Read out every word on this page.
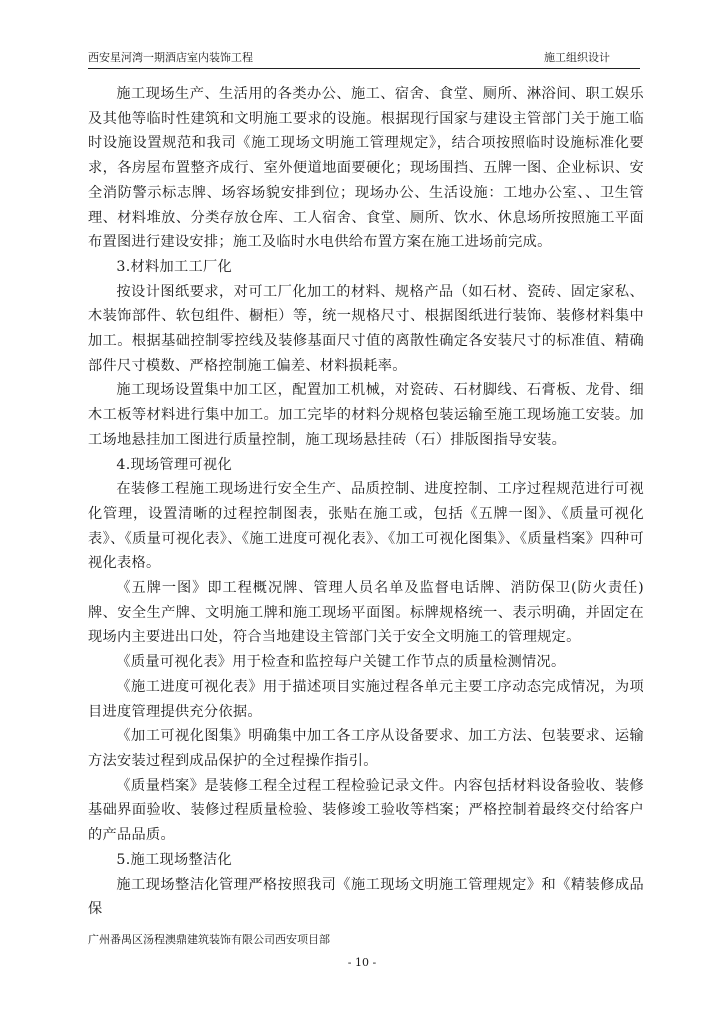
西安星河湾一期酒店室内装饰工程	施工组织设计

施工现场生产、生活用的各类办公、施工、宿舍、食堂、厕所、淋浴间、职工娱乐及其他等临时性建筑和文明施工要求的设施。根据现行国家与建设主管部门关于施工临时设施设置规范和我司《施工现场文明施工管理规定》，结合项按照临时设施标准化要求，各房屋布置整齐成行、室外便道地面要硬化；现场围挡、五牌一图、企业标识、安全消防警示标志牌、场容场貌安排到位；现场办公、生活设施：工地办公室、、卫生管理、材料堆放、分类存放仓库、工人宿舍、食堂、厕所、饮水、休息场所按照施工平面布置图进行建设安排；施工及临时水电供给布置方案在施工进场前完成。

3.材料加工工厂化

按设计图纸要求，对可工厂化加工的材料、规格产品（如石材、瓷砖、固定家私、木装饰部件、软包组件、橱柜）等，统一规格尺寸、根据图纸进行装饰、装修材料集中加工。根据基础控制零控线及装修基面尺寸值的离散性确定各安装尺寸的标准值、精确部件尺寸模数、严格控制施工偏差、材料损耗率。

施工现场设置集中加工区，配置加工机械，对瓷砖、石材脚线、石膏板、龙骨、细木工板等材料进行集中加工。加工完毕的材料分规格包装运输至施工现场施工安装。加工场地悬挂加工图进行质量控制，施工现场悬挂砖（石）排版图指导安装。

4.现场管理可视化

在装修工程施工现场进行安全生产、品质控制、进度控制、工序过程规范进行可视化管理，设置清晰的过程控制图表，张贴在施工或，包括《五牌一图》、《质量可视化表》、《质量可视化表》、《施工进度可视化表》、《加工可视化图集》、《质量档案》四种可视化表格。

《五牌一图》即工程概况牌、管理人员名单及监督电话牌、消防保卫(防火责任)牌、安全生产牌、文明施工牌和施工现场平面图。标牌规格统一、表示明确，并固定在现场内主要进出口处，符合当地建设主管部门关于安全文明施工的管理规定。

《质量可视化表》用于检查和监控每户关键工作节点的质量检测情况。

《施工进度可视化表》用于描述项目实施过程各单元主要工序动态完成情况，为项目进度管理提供充分依据。

《加工可视化图集》明确集中加工各工序从设备要求、加工方法、包装要求、运输方法安装过程到成品保护的全过程操作指引。

《质量档案》是装修工程全过程工程检验记录文件。内容包括材料设备验收、装修基础界面验收、装修过程质量检验、装修竣工验收等档案；严格控制着最终交付给客户的产品品质。

5.施工现场整洁化

施工现场整洁化管理严格按照我司《施工现场文明施工管理规定》和《精装修成品保

广州番禺区汤程澳鼎建筑装饰有限公司西安项目部
- 10 -
